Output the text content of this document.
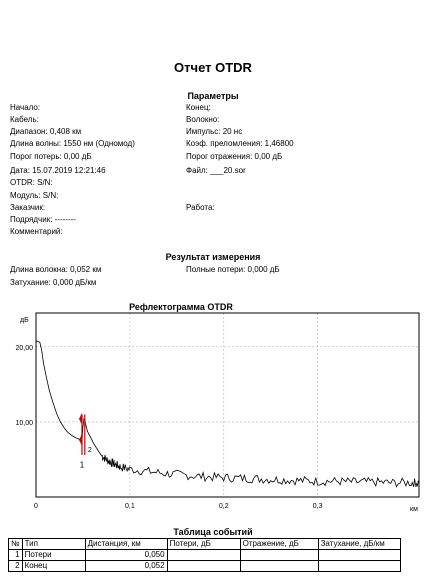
Отчет OTDR
Параметры
Начало:
Кабель:
Диапазон: 0,408 км
Длина волны: 1550 нм (Одномод)
Порог потерь: 0,00 дБ
Дата: 15.07.2019 12:21:46
OTDR: S/N:
Модуль: S/N:
Заказчик:
Подрядчик: --------
Комментарий:
Конец:
Волокно:
Импульс: 20 нс
Коэф. преломления: 1,46800
Порог отражения: 0,00 дБ
Файл: ___20.sor
Работа:
Результат измерения
Длина волокна: 0,052 км	Полные потери: 0,000 дБ
Затухание: 0,000 дБ/км
Рефлектограмма OTDR
дБ
км
0	0,1	0,2	0,3
10,00
20,00
1
2
Таблица событий
№	Тип	Дистанция, км	Потери, дБ	Отражение, дБ	Затухание, дБ/км
1	Потери	0,050			
2	Конец	0,052			
